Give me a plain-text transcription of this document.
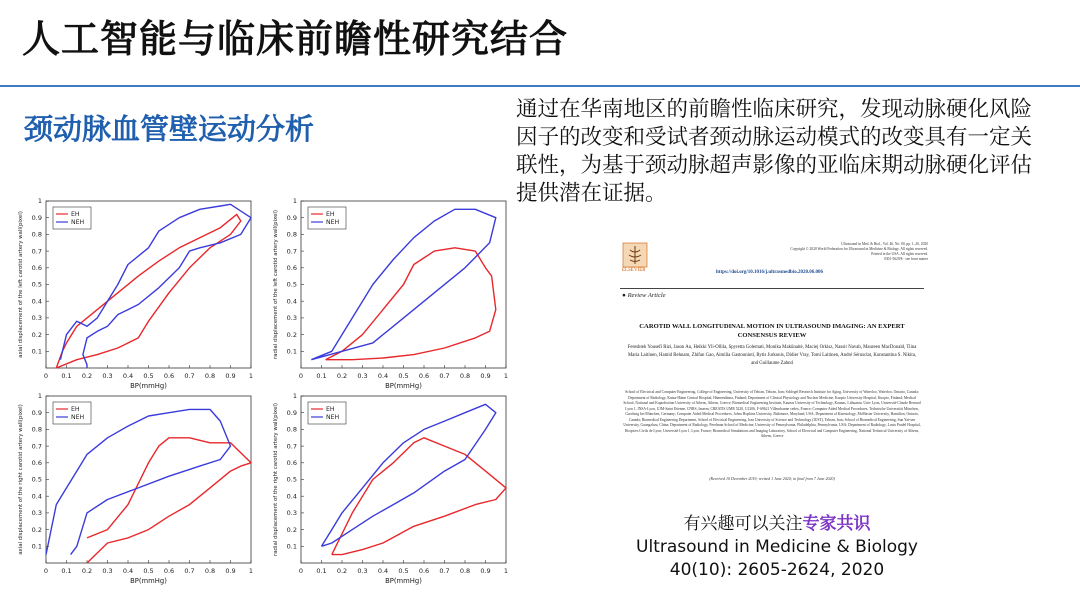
人工智能与临床前瞻性研究结合
颈动脉血管壁运动分析
通过在华南地区的前瞻性临床研究，发现动脉硬化风险因子的改变和受试者颈动脉运动模式的改变具有一定关联性，为基于颈动脉超声影像的亚临床期动脉硬化评估提供潜在证据。
0 0.1 0.2 0.3 0.4 0.5 0.6 0.7 0.8 0.9 1
0.1
0.2
0.3
0.4
0.5
0.6
0.7
0.8
0.9
1
BP(mmHg)
axial displacement of the left carotid artery wall(pixel)	EH
NEH
0 0.1 0.2 0.3 0.4 0.5 0.6 0.7 0.8 0.9 1
0.1
0.2
0.3
0.4
0.5
0.6
0.7
0.8
0.9
1
BP(mmHg)
radial displacement of the left carotid artery wall(pixel)	EH
NEH
0 0.1 0.2 0.3 0.4 0.5 0.6 0.7 0.8 0.9 1
0.1
0.2
0.3
0.4
0.5
0.6
0.7
0.8
0.9
1
BP(mmHg)
axial displacement of the right carotid artery wall(pixel)	EH
NEH
0 0.1 0.2 0.3 0.4 0.5 0.6 0.7 0.8 0.9 1
0.1
0.2
0.3
0.4
0.5
0.6
0.7
0.8
0.9
1
BP(mmHg)
radial displacement of the right carotid artery wall(pixel)	EH
NEH
ELSEVIER
Ultrasound in Med. & Biol., Vol. 46, No. 00, pp. 1–20, 2020
Copyright © 2020 World Federation for Ultrasound in Medicine & Biology. All rights reserved.
Printed in the USA. All rights reserved.
0301-5629/$ - see front matter
https://doi.org/10.1016/j.ultrasmedbio.2020.06.006
● Review Article
CAROTID WALL LONGITUDINAL MOTION IN ULTRASOUND IMAGING: AN EXPERT CONSENSUS REVIEW
Fereshteh Yousefi Rizi, Jason Au, Heikki Yli-Ollila, Spyretta Golemati, Monika Makūnaitė, Maciej Orkisz, Nassir Navab, Maureen MacDonald, Tiina Maria Laitinen, Hamid Behnam, Zhifan Gao, Aimilia Gastounioti, Rytis Jurkonis, Didier Vray, Tomi Laitinen, André Sérusclat, Konstantina S. Nikita, and Guillaume Zahnd
School of Electrical and Computer Engineering, College of Engineering, University of Tehran, Tehran, Iran; Schlegel Research Institute for Aging, University of Waterloo, Waterloo, Ontario, Canada; Department of Radiology, Kanta-Häme Central Hospital, Hämeenlinna, Finland; Department of Clinical Physiology and Nuclear Medicine, Kuopio University Hospital, Kuopio, Finland; Medical School, National and Kapodistrian University of Athens, Athens, Greece; Biomedical Engineering Institute, Kaunas University of Technology, Kaunas, Lithuania; Univ Lyon, Université Claude Bernard Lyon 1, INSA-Lyon, UJM-Saint Etienne, CNRS, Inserm, CREATIS UMR 5220, U1206, F-69621 Villeurbanne cedex, France; Computer Aided Medical Procedures, Technische Universität München, Garching bei München, Germany; Computer Aided Medical Procedures, Johns Hopkins University, Baltimore, Maryland, USA; Department of Kinesiology, McMaster University, Hamilton, Ontario, Canada; Biomedical Engineering Department, School of Electrical Engineering, Iran University of Science and Technology (IUST), Tehran, Iran; School of Biomedical Engineering, Sun Yat-sen University, Guangzhou, China; Department of Radiology, Perelman School of Medicine, University of Pennsylvania, Philadelphia, Pennsylvania, USA; Department of Radiology, Louis Pradel Hospital, Hospices Civils de Lyon; Université Lyon 1, Lyon, France; Biomedical Simulations and Imaging Laboratory, School of Electrical and Computer Engineering, National Technical University of Athens, Athens, Greece
(Received 10 December 2019; revised 1 June 2020; in final from 7 June 2020)
有兴趣可以关注专家共识
Ultrasound in Medicine & Biology
40(10): 2605-2624, 2020
